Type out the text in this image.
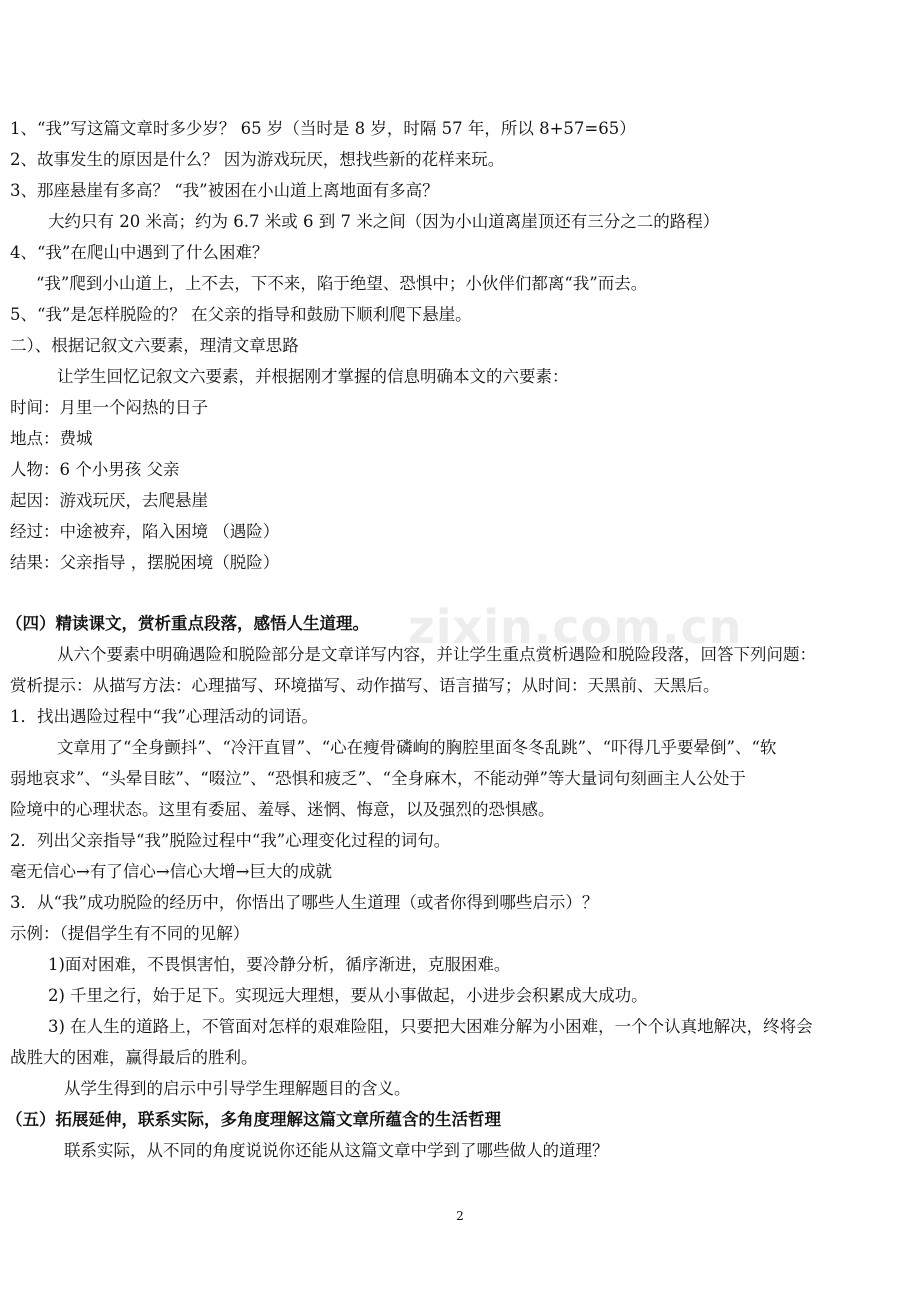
1、“我”写这篇文章时多少岁？ 65 岁（当时是 8 岁，时隔 57 年，所以 8+57=65）
2、故事发生的原因是什么？ 因为游戏玩厌，想找些新的花样来玩。
3、那座悬崖有多高？ “我”被困在小山道上离地面有多高？
大约只有 20 米高；约为 6.7 米或 6 到 7 米之间（因为小山道离崖顶还有三分之二的路程）
4、“我”在爬山中遇到了什么困难？
“我”爬到小山道上，上不去，下不来，陷于绝望、恐惧中；小伙伴们都离“我”而去。
5、“我”是怎样脱险的？ 在父亲的指导和鼓励下顺利爬下悬崖。
二）、根据记叙文六要素，理清文章思路
让学生回忆记叙文六要素，并根据刚才掌握的信息明确本文的六要素：
时间：月里一个闷热的日子
地点：费城
人物：6 个小男孩 父亲
起因：游戏玩厌，去爬悬崖
经过：中途被弃，陷入困境 （遇险）
结果：父亲指导 ，摆脱困境（脱险）
（四）精读课文，赏析重点段落，感悟人生道理。
从六个要素中明确遇险和脱险部分是文章详写内容，并让学生重点赏析遇险和脱险段落，回答下列问题：
赏析提示：从描写方法：心理描写、环境描写、动作描写、语言描写；从时间：天黑前、天黑后。
1．找出遇险过程中“我”心理活动的词语。
文章用了“全身颤抖”、“冷汗直冒”、“心在瘦骨磷峋的胸腔里面冬冬乱跳”、“吓得几乎要晕倒”、“软
弱地哀求”、“头晕目眩”、“啜泣”、“恐惧和疲乏”、“全身麻木，不能动弹”等大量词句刻画主人公处于
险境中的心理状态。这里有委屈、羞辱、迷惘、悔意，以及强烈的恐惧感。
2．列出父亲指导“我”脱险过程中“我”心理变化过程的词句。
毫无信心→有了信心→信心大增→巨大的成就
3．从“我”成功脱险的经历中，你悟出了哪些人生道理（或者你得到哪些启示）？
示例：（提倡学生有不同的见解）
1)面对困难，不畏惧害怕，要冷静分析，循序渐进，克服困难。
2) 千里之行，始于足下。实现远大理想，要从小事做起，小进步会积累成大成功。
3) 在人生的道路上，不管面对怎样的艰难险阻，只要把大困难分解为小困难，一个个认真地解决，终将会
战胜大的困难，赢得最后的胜利。
从学生得到的启示中引导学生理解题目的含义。
（五）拓展延伸，联系实际，多角度理解这篇文章所蕴含的生活哲理
联系实际，从不同的角度说说你还能从这篇文章中学到了哪些做人的道理？
zixin.com.cn
2
